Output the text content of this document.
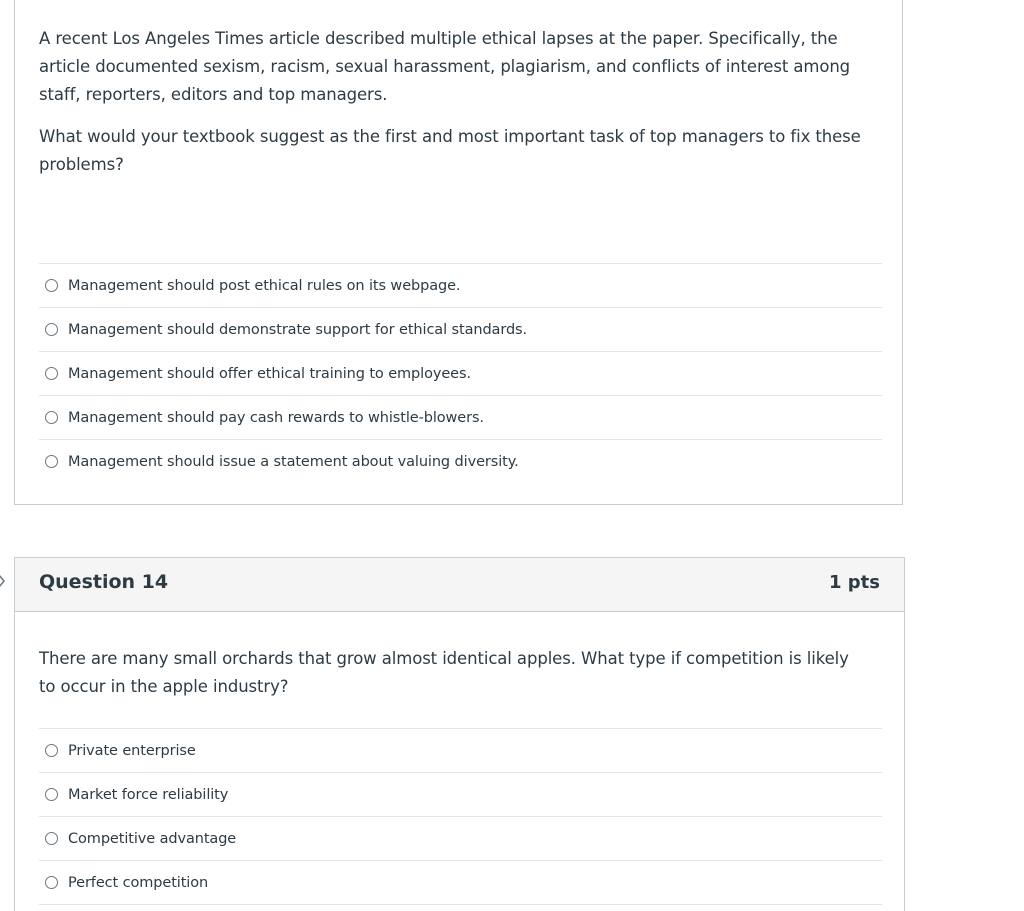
A recent Los Angeles Times article described multiple ethical lapses at the paper. Specifically, the article documented sexism, racism, sexual harassment, plagiarism, and conflicts of interest among staff, reporters, editors and top managers.

What would your textbook suggest as the first and most important task of top managers to fix these problems?

Management should post ethical rules on its webpage.
Management should demonstrate support for ethical standards.
Management should offer ethical training to employees.
Management should pay cash rewards to whistle-blowers.
Management should issue a statement about valuing diversity.
Question 14	1 pts

There are many small orchards that grow almost identical apples. What type if competition is likely to occur in the apple industry?

Private enterprise
Market force reliability
Competitive advantage
Perfect competition
